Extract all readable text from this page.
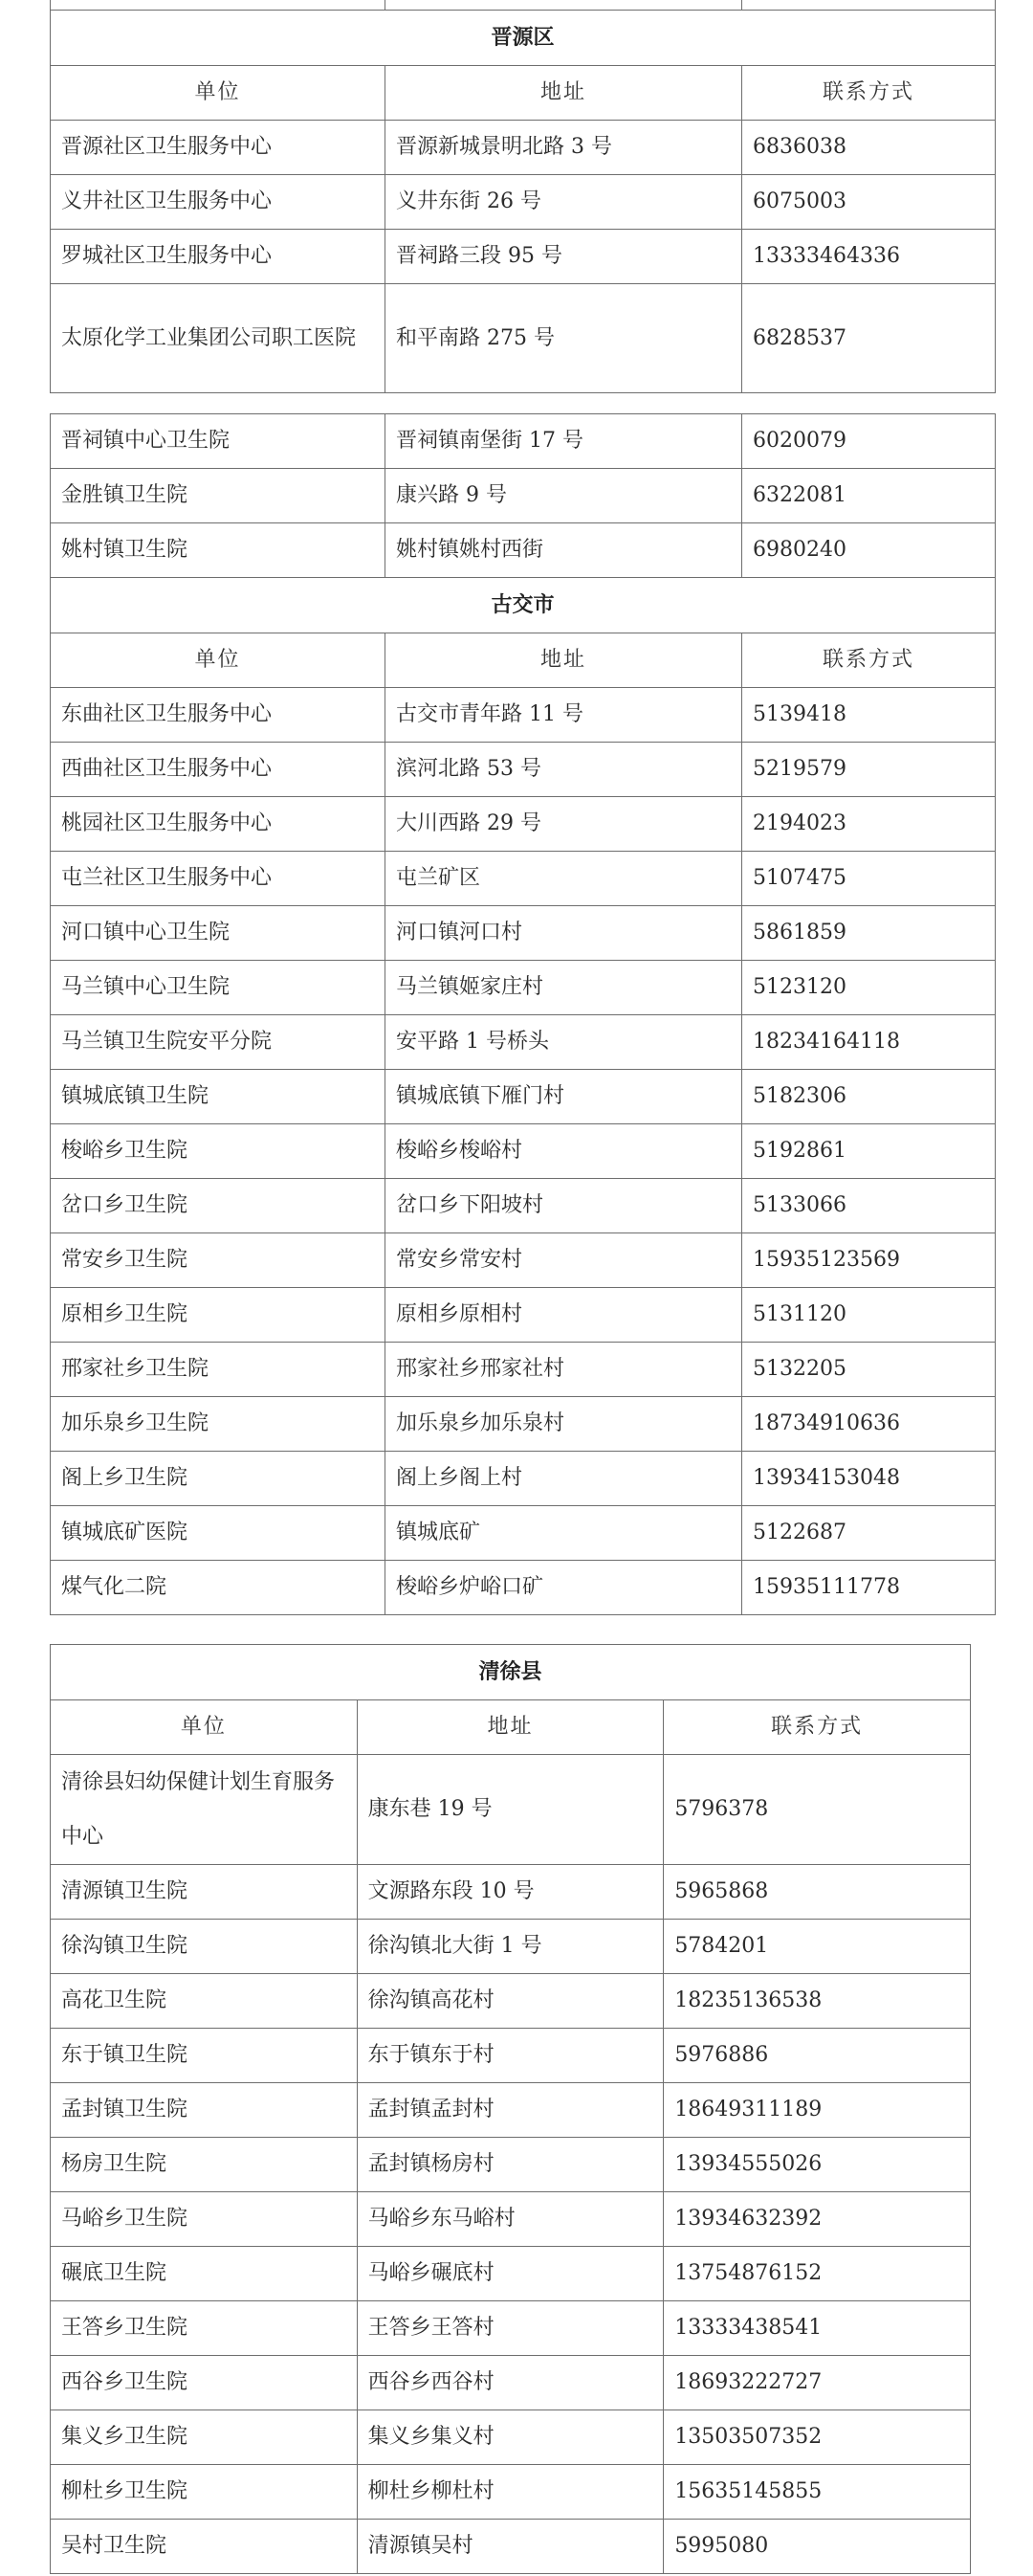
晋源区		
单位	地址	联系方式
晋源社区卫生服务中心	晋源新城景明北路 3 号	6836038
义井社区卫生服务中心	义井东街 26 号	6075003
罗城社区卫生服务中心	晋祠路三段 95 号	13333464336
太原化学工业集团公司职工医院	和平南路 275 号	6828537
晋祠镇中心卫生院	晋祠镇南堡街 17 号	6020079
金胜镇卫生院	康兴路 9 号	6322081
姚村镇卫生院	姚村镇姚村西街	6980240
古交市		
单位	地址	联系方式
东曲社区卫生服务中心	古交市青年路 11 号	5139418
西曲社区卫生服务中心	滨河北路 53 号	5219579
桃园社区卫生服务中心	大川西路 29 号	2194023
屯兰社区卫生服务中心	屯兰矿区	5107475
河口镇中心卫生院	河口镇河口村	5861859
马兰镇中心卫生院	马兰镇姬家庄村	5123120
马兰镇卫生院安平分院	安平路 1 号桥头	18234164118
镇城底镇卫生院	镇城底镇下雁门村	5182306
梭峪乡卫生院	梭峪乡梭峪村	5192861
岔口乡卫生院	岔口乡下阳坡村	5133066
常安乡卫生院	常安乡常安村	15935123569
原相乡卫生院	原相乡原相村	5131120
邢家社乡卫生院	邢家社乡邢家社村	5132205
加乐泉乡卫生院	加乐泉乡加乐泉村	18734910636
阁上乡卫生院	阁上乡阁上村	13934153048
镇城底矿医院	镇城底矿	5122687
煤气化二院	梭峪乡炉峪口矿	15935111778
清徐县		
单位	地址	联系方式
清徐县妇幼保健计划生育服务中心	康东巷 19 号	5796378
清源镇卫生院	文源路东段 10 号	5965868
徐沟镇卫生院	徐沟镇北大街 1 号	5784201
高花卫生院	徐沟镇高花村	18235136538
东于镇卫生院	东于镇东于村	5976886
孟封镇卫生院	孟封镇孟封村	18649311189
杨房卫生院	孟封镇杨房村	13934555026
马峪乡卫生院	马峪乡东马峪村	13934632392
碾底卫生院	马峪乡碾底村	13754876152
王答乡卫生院	王答乡王答村	13333438541
西谷乡卫生院	西谷乡西谷村	18693222727
集义乡卫生院	集义乡集义村	13503507352
柳杜乡卫生院	柳杜乡柳杜村	15635145855
吴村卫生院	清源镇吴村	5995080
